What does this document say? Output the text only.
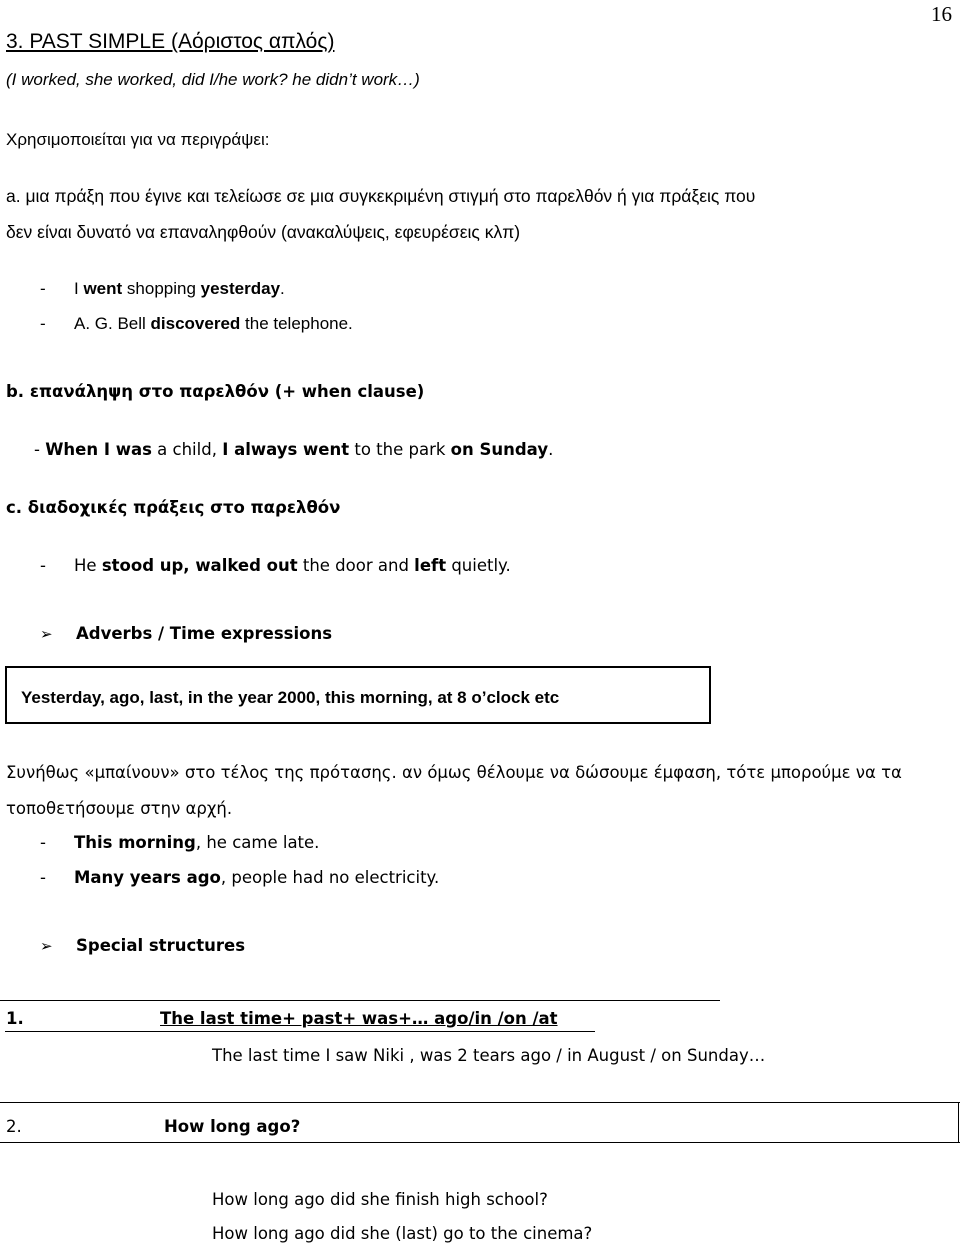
16
3. PAST SIMPLE (Αόριστος απλός)
(I worked, she worked, did I/he work? he didn’t work…)
Χρησιμοποιείται για να περιγράψει:
a. μια πράξη που έγινε και τελείωσε σε μια συγκεκριμένη στιγμή στο παρελθόν ή για πράξεις που
δεν είναι δυνατό να επαναληφθούν (ανακαλύψεις, εφευρέσεις κλπ)
- I went shopping yesterday.
- A. G. Bell discovered the telephone.
b. επανάληψη στο παρελθόν (+ when clause)
- When I was a child, I always went to the park on Sunday.
c. διαδοχικές πράξεις στο παρελθόν
- He stood up, walked out the door and left quietly.
➢ Adverbs / Time expressions
Yesterday, ago, last, in the year 2000, this morning, at 8 o’clock etc
Συνήθως «μπαίνουν» στο τέλος της πρότασης. αν όμως θέλουμε να δώσουμε έμφαση, τότε μπορούμε να τα
τοποθετήσουμε στην αρχή.
- This morning, he came late.
- Many years ago, people had no electricity.
➢ Special structures
1.	The last time+ past+ was+… ago/in /on /at
The last time I saw Niki , was 2 tears ago / in August / on Sunday…
2.	How long ago?
How long ago did she finish high school?
How long ago did she (last) go to the cinema?
